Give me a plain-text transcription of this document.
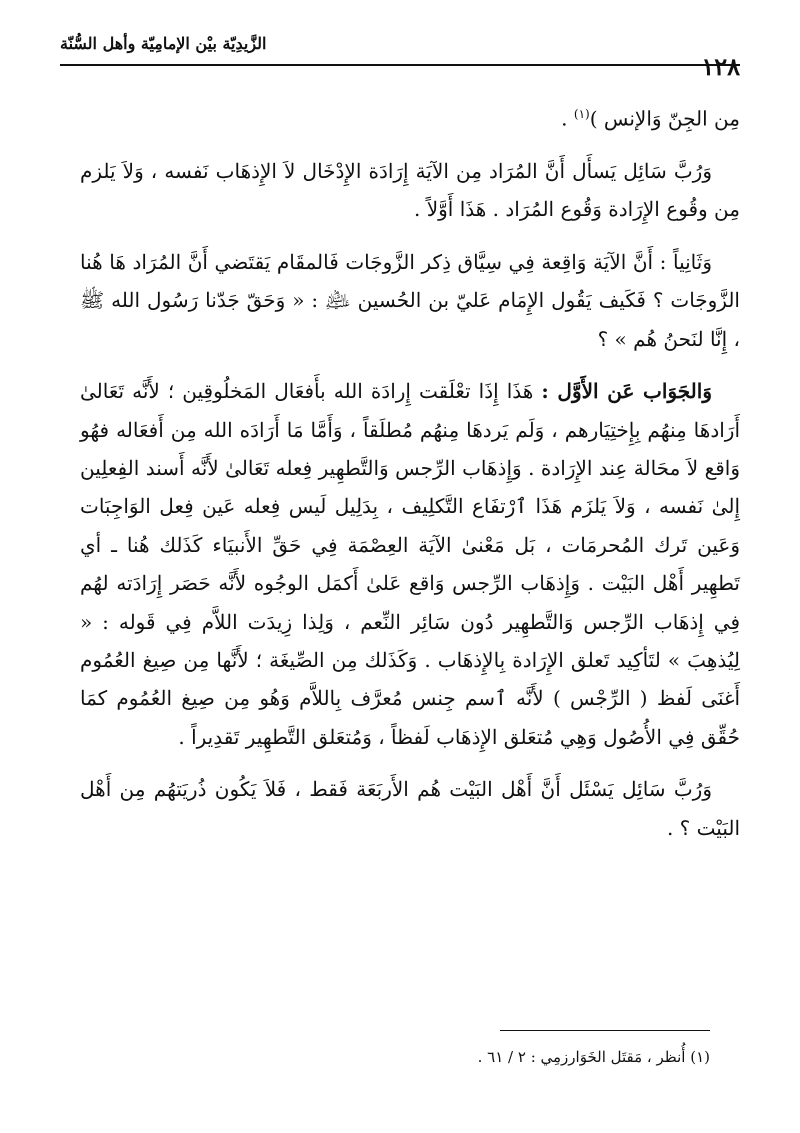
١٢٨
الزَّيدِيّة بيْن الإمامِيّة وأهل السُّنّة

مِن الجِنّ وَالإنس )$^{(١)}$ .

وَرُبَّ سَائِل يَسأَل أَنَّ المُرَاد مِن الآيَة إِرَادَة الإِدْخَال لاَ الإِذهَاب نَفسه ، وَلاَ يَلزم مِن وقُوع الإِرَادة وَقُوع المُرَاد . هَذَا أَوَّلاً .

وَثَانِياً : أَنَّ الآيَة وَاقِعة فِي سِيَّاق ذِكر الزَّوجَات فَالمقَام يَقتَضي أَنَّ المُرَاد هَا هُنا الزَّوجَات ؟ فَكَيف يَقُول الإِمَام عَليّ بن الحُسين ﵇ : « وَحَقّ جَدّنا رَسُول الله ﷺ ، إِنَّا لنَحنُ هُم » ؟

وَالجَوَاب عَن الأَوَّل : هَذَا إِذَا تعْلَقت إِرادَة الله بأَفعَال المَخلُوقِين ؛ لأَنَّه تَعَالىٰ أَرَادهَا مِنهُم بِإِختِيَارهم ، وَلَم يَردهَا مِنهُم مُطلَقاً ، وَأَمَّا مَا أَرَادَه الله مِن أَفعَاله فهُو وَاقع لاَ محَالة عِند الإِرَادة . وَإِذهَاب الرِّجس وَالتَّطهِير فِعله تَعَالىٰ لأَنَّه أَسند الفِعلِين إِلىٰ نَفسه ، وَلاَ يَلزَم هَذَا ٱرْتفَاع التَّكلِيف ، بِدَلِيل لَيس فِعله عَين فِعل الوَاجِبَات وَعَين تَرك المُحرمَات ، بَل مَعْنىٰ الآيَة العِصْمَة فِي حَقِّ الأَنبيَاء كَذَلك هُنا ـ أي تَطهِير أَهْل البَيْت . وَإِذهَاب الرِّجس وَاقع عَلىٰ أَكمَل الوجُوه لأَنَّه حَصَر إِرَادَته لهُم فِي إِذهَاب الرِّجس وَالتَّطهِير دُون سَائِر النِّعم ، وَلِذا زِيدَت اللاَّم فِي قَوله : « لِيُذهِبَ » لتَأكِيد تَعلق الإِرَادة بِالإِذهَاب . وَكَذَلك مِن الصِّيغَة ؛ لأَنَّها مِن صِيغ العُمُوم أَغنَى لَفظ ( الرِّجْس ) لأَنَّه ٱسم جِنس مُعرَّف بِاللاَّم وَهُو مِن صِيغ العُمُوم كمَا حُقِّق فِي الأُصُول وَهِي مُتعَلق الإِذهَاب لَفظاً ، وَمُتعَلق التَّطهِير تَقدِيراً .

وَرُبَّ سَائِل يَسْئَل أَنَّ أَهْل البَيْت هُم الأَربَعَة فَقط ، فَلاَ يَكُون ذُريَتهُم مِن أَهْل البَيْت ؟ .

(١) أُنظر ، مَقتَل الخَوَارزمِي : ٢ / ٦١ .
